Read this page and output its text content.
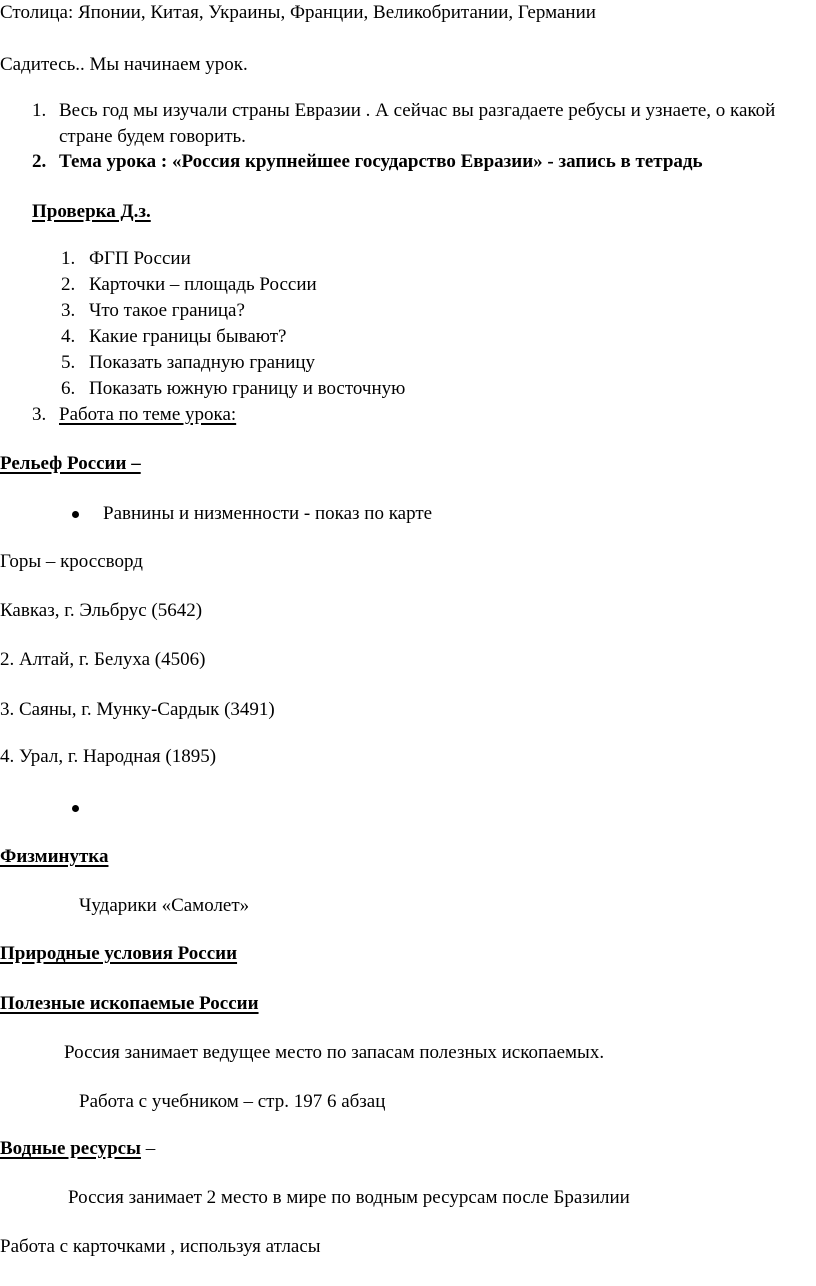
Столица: Японии, Китая, Украины, Франции, Великобритании, Германии
Садитесь.. Мы начинаем урок.
1. Весь год мы изучали страны Евразии . А сейчас вы разгадаете ребусы и узнаете, о какой
стране будем говорить.
2. Тема урока : «Россия крупнейшее государство Евразии» - запись в тетрадь
Проверка Д.з.
1. ФГП России
2. Карточки – площадь России
3. Что такое граница?
4. Какие границы бывают?
5. Показать западную границу
6. Показать южную границу и восточную
3. Работа по теме урока:
Рельеф России –
Равнины и низменности - показ по карте
Горы – кроссворд
Кавказ, г. Эльбрус (5642)
2. Алтай, г. Белуха (4506)
3. Саяны, г. Мунку-Сардык (3491)
4. Урал, г. Народная (1895)
Физминутка
Чударики «Самолет»
Природные условия России
Полезные ископаемые России
Россия занимает ведущее место по запасам полезных ископаемых.
Работа с учебником – стр. 197 6 абзац
Водные ресурсы –
Россия занимает 2 место в мире по водным ресурсам после Бразилии
Работа с карточками , используя атласы
